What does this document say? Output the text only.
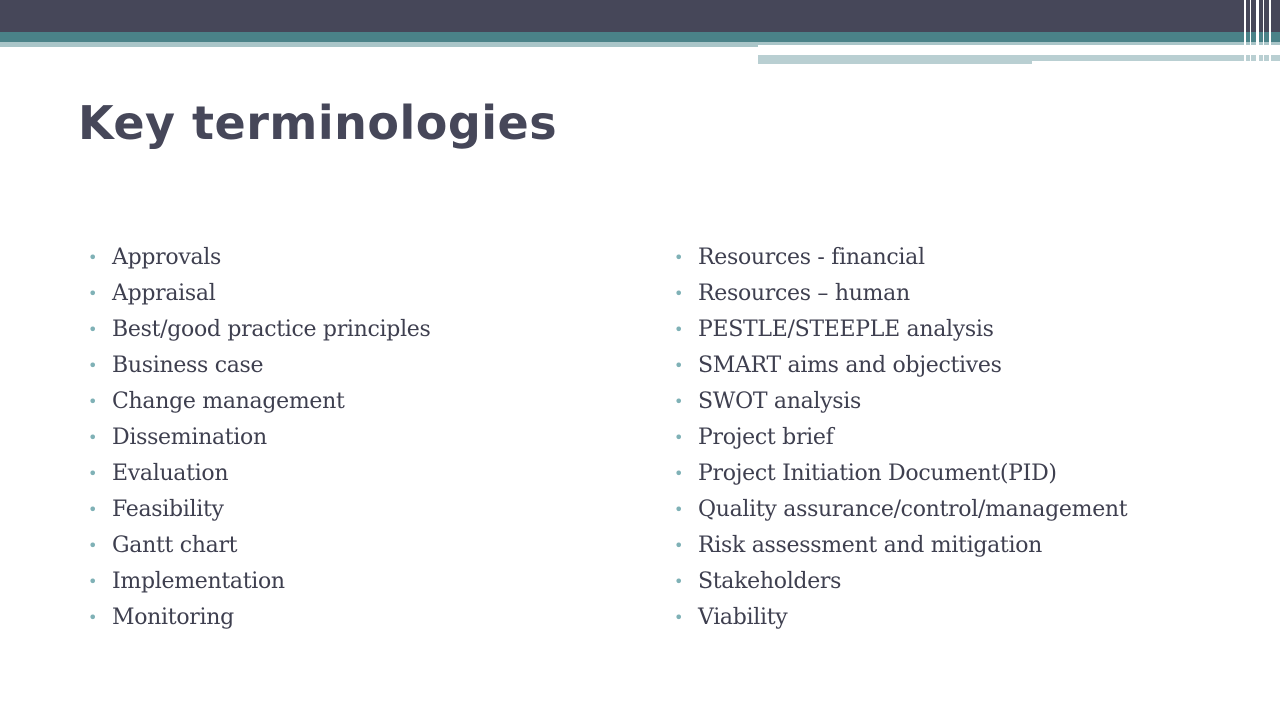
Key terminologies
• Approvals
• Appraisal
• Best/good practice principles
• Business case
• Change management
• Dissemination
• Evaluation
• Feasibility
• Gantt chart
• Implementation
• Monitoring
• Resources - financial
• Resources – human
• PESTLE/STEEPLE analysis
• SMART aims and objectives
• SWOT analysis
• Project brief
• Project Initiation Document(PID)
• Quality assurance/control/management
• Risk assessment and mitigation
• Stakeholders
• Viability
